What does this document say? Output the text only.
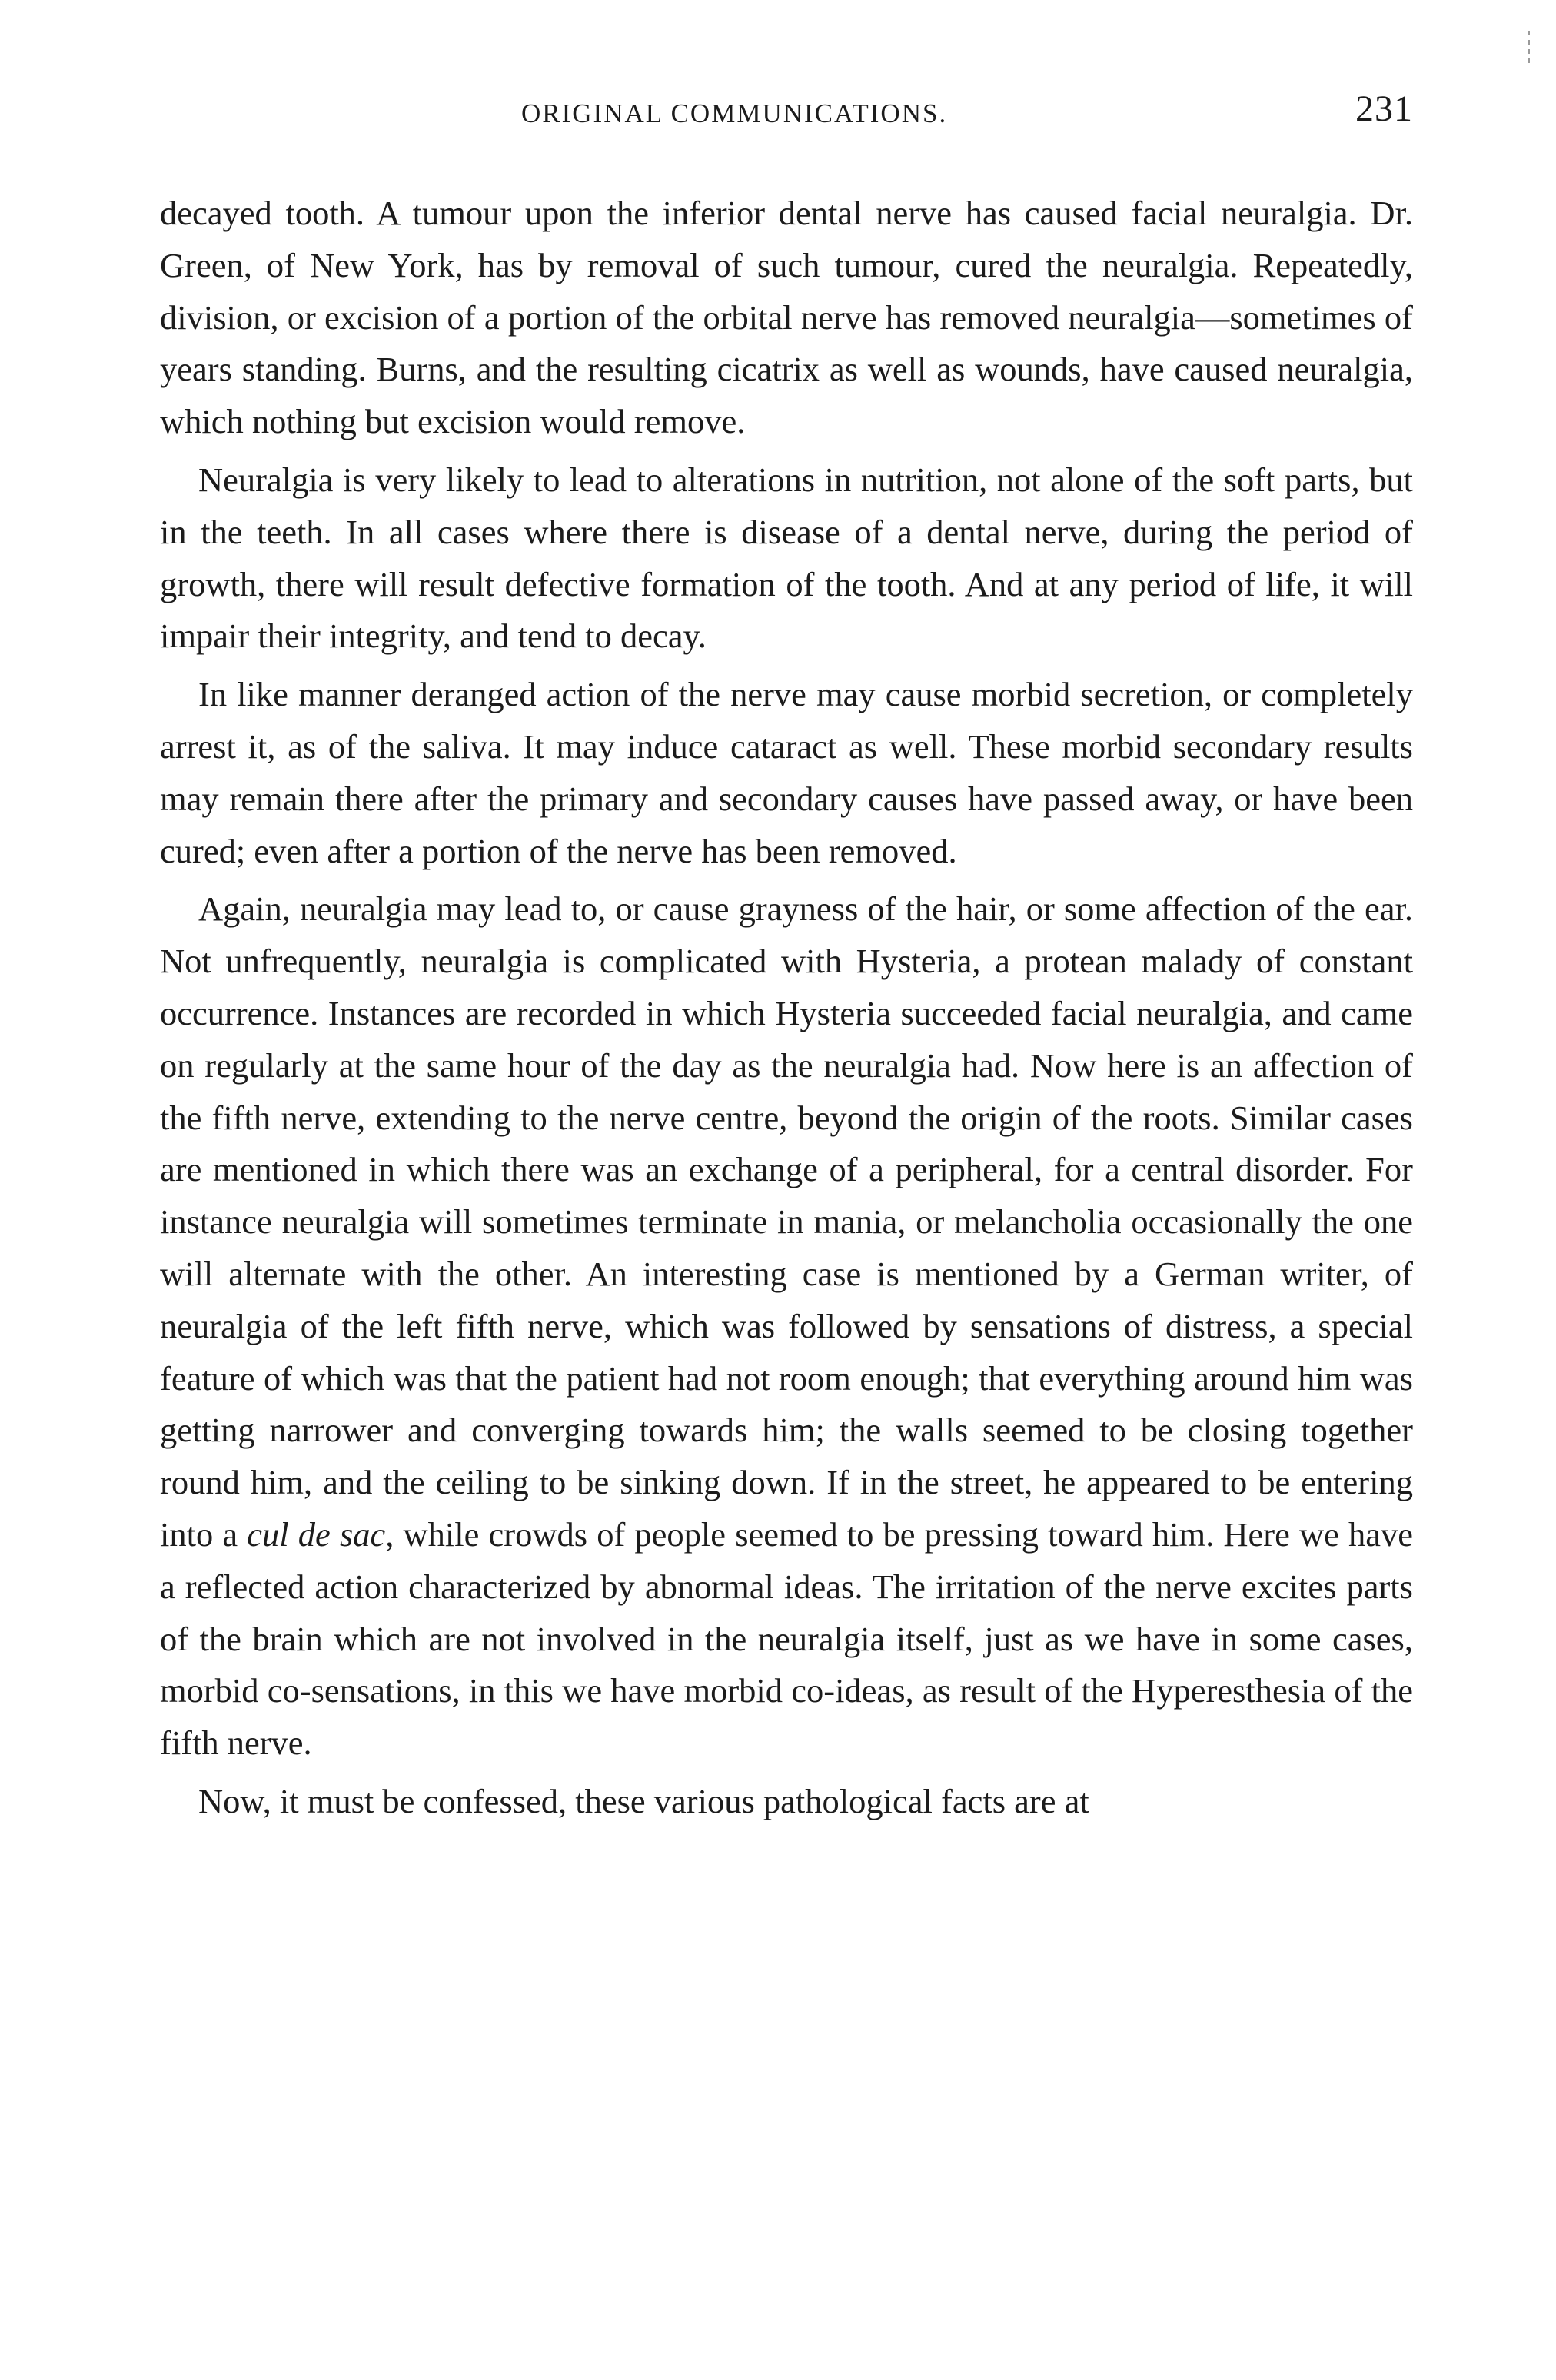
ORIGINAL COMMUNICATIONS.	231

decayed tooth. A tumour upon the inferior dental nerve has caused facial neuralgia. Dr. Green, of New York, has by removal of such tumour, cured the neuralgia. Repeatedly, division, or excision of a portion of the orbital nerve has removed neuralgia—sometimes of years standing. Burns, and the resulting cicatrix as well as wounds, have caused neuralgia, which nothing but excision would remove.

Neuralgia is very likely to lead to alterations in nutrition, not alone of the soft parts, but in the teeth. In all cases where there is disease of a dental nerve, during the period of growth, there will result defective formation of the tooth. And at any period of life, it will impair their integrity, and tend to decay.

In like manner deranged action of the nerve may cause morbid secretion, or completely arrest it, as of the saliva. It may induce cataract as well. These morbid secondary results may remain there after the primary and secondary causes have passed away, or have been cured; even after a portion of the nerve has been removed.

Again, neuralgia may lead to, or cause grayness of the hair, or some affection of the ear. Not unfrequently, neuralgia is complicated with Hysteria, a protean malady of constant occurrence. Instances are recorded in which Hysteria succeeded facial neuralgia, and came on regularly at the same hour of the day as the neuralgia had. Now here is an affection of the fifth nerve, extending to the nerve centre, beyond the origin of the roots. Similar cases are mentioned in which there was an exchange of a peripheral, for a central disorder. For instance neuralgia will sometimes terminate in mania, or melancholia occasionally the one will alternate with the other. An interesting case is mentioned by a German writer, of neuralgia of the left fifth nerve, which was followed by sensations of distress, a special feature of which was that the patient had not room enough; that everything around him was getting narrower and converging towards him; the walls seemed to be closing together round him, and the ceiling to be sinking down. If in the street, he appeared to be entering into a cul de sac, while crowds of people seemed to be pressing toward him. Here we have a reflected action characterized by abnormal ideas. The irritation of the nerve excites parts of the brain which are not involved in the neuralgia itself, just as we have in some cases, morbid co-sensations, in this we have morbid co-ideas, as result of the Hyperesthesia of the fifth nerve.

Now, it must be confessed, these various pathological facts are at
